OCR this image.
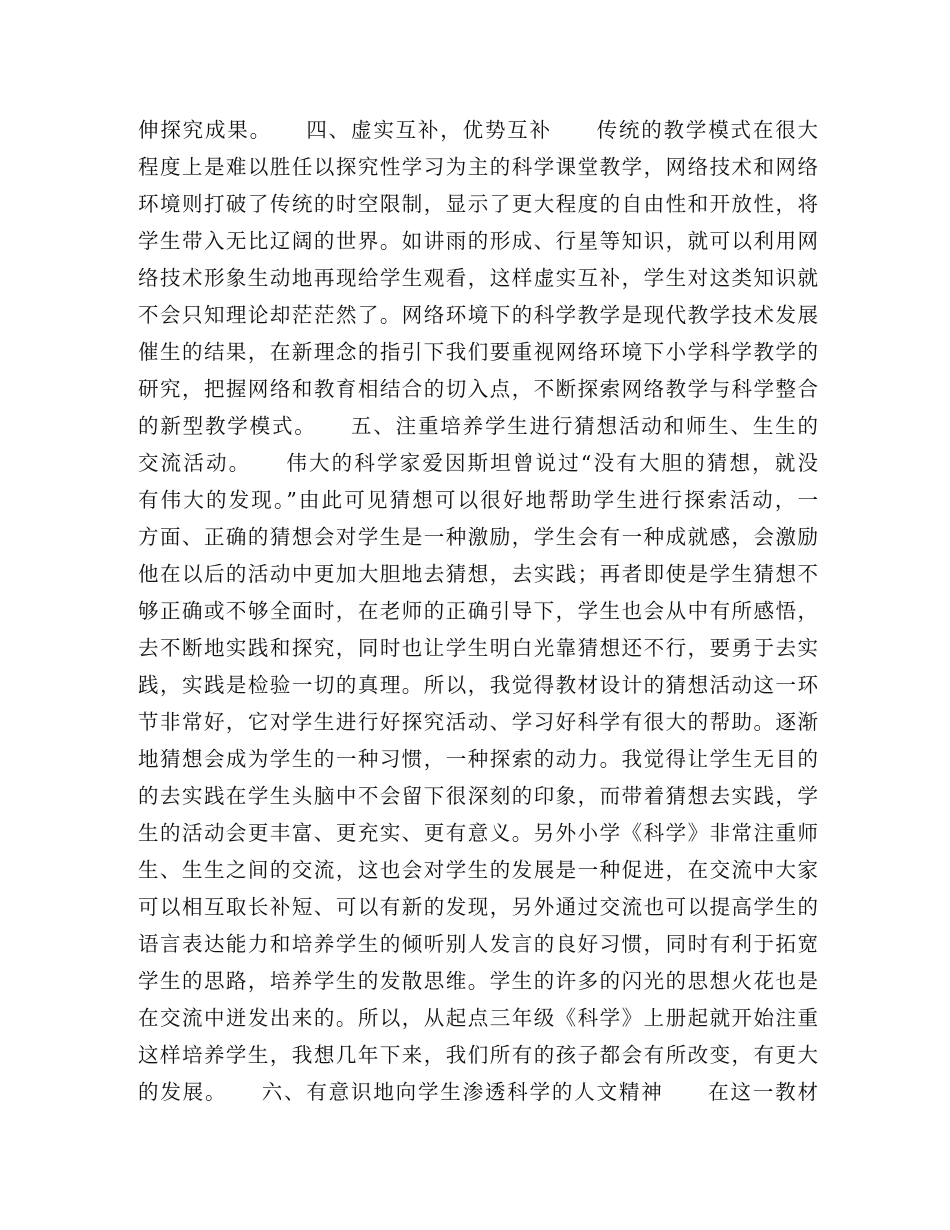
伸探究成果。　　四、虚实互补，优势互补　　传统的教学模式在很大
程度上是难以胜任以探究性学习为主的科学课堂教学，网络技术和网络
环境则打破了传统的时空限制，显示了更大程度的自由性和开放性，将
学生带入无比辽阔的世界。如讲雨的形成、行星等知识，就可以利用网
络技术形象生动地再现给学生观看，这样虚实互补，学生对这类知识就
不会只知理论却茫茫然了。网络环境下的科学教学是现代教学技术发展
催生的结果，在新理念的指引下我们要重视网络环境下小学科学教学的
研究，把握网络和教育相结合的切入点，不断探索网络教学与科学整合
的新型教学模式。　　五、注重培养学生进行猜想活动和师生、生生的
交流活动。　　伟大的科学家爱因斯坦曾说过“没有大胆的猜想，就没
有伟大的发现。”由此可见猜想可以很好地帮助学生进行探索活动，一
方面、正确的猜想会对学生是一种激励，学生会有一种成就感，会激励
他在以后的活动中更加大胆地去猜想，去实践；再者即使是学生猜想不
够正确或不够全面时，在老师的正确引导下，学生也会从中有所感悟，
去不断地实践和探究，同时也让学生明白光靠猜想还不行，要勇于去实
践，实践是检验一切的真理。所以，我觉得教材设计的猜想活动这一环
节非常好，它对学生进行好探究活动、学习好科学有很大的帮助。逐渐
地猜想会成为学生的一种习惯，一种探索的动力。我觉得让学生无目的
的去实践在学生头脑中不会留下很深刻的印象，而带着猜想去实践，学
生的活动会更丰富、更充实、更有意义。另外小学《科学》非常注重师
生、生生之间的交流，这也会对学生的发展是一种促进，在交流中大家
可以相互取长补短、可以有新的发现，另外通过交流也可以提高学生的
语言表达能力和培养学生的倾听别人发言的良好习惯，同时有利于拓宽
学生的思路，培养学生的发散思维。学生的许多的闪光的思想火花也是
在交流中迸发出来的。所以，从起点三年级《科学》上册起就开始注重
这样培养学生，我想几年下来，我们所有的孩子都会有所改变，有更大
的发展。　　六、有意识地向学生渗透科学的人文精神　　在这一教材
